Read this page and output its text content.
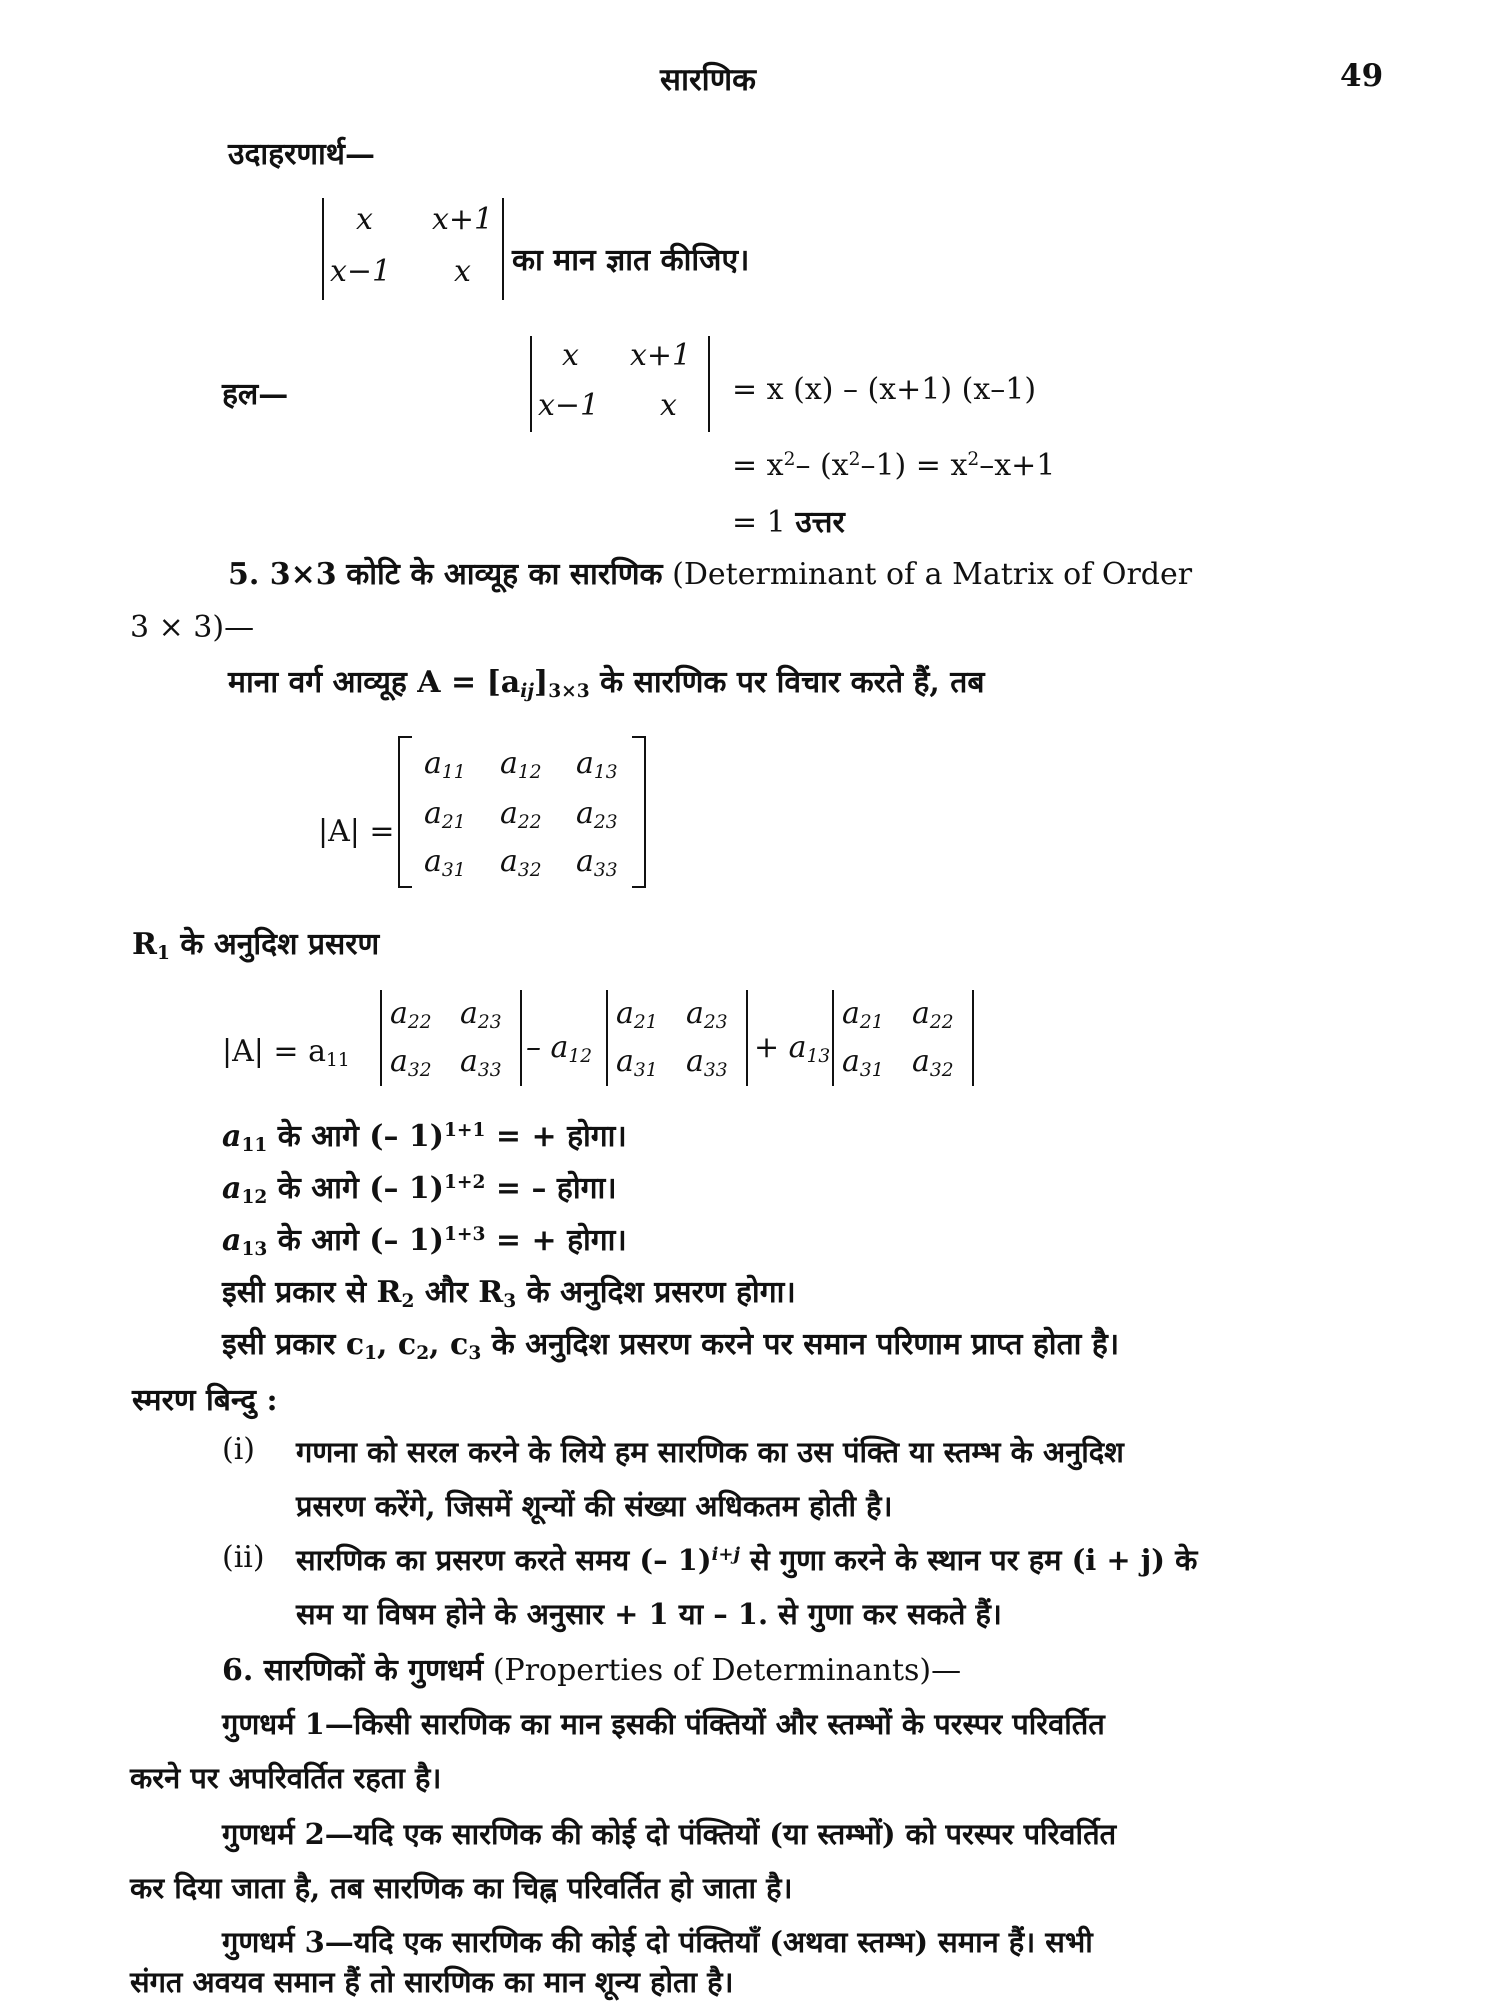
सारणिक	49
उदाहरणार्थ—
x x+1
x−1 x का मान ज्ञात कीजिए।
हल—
x x+1
x−1 x = x (x) – (x+1) (x–1)
= $x^2-$ $(x^2-1) = x^2-x+1$
= 1 उत्तर
5. 3×3 कोटि के आव्यूह का सारणिक (Determinant of a Matrix of Order
3 × 3)—
माना वर्ग आव्यूह $A = [a_{ij}]_{3\times 3}$ के सारणिक पर विचार करते हैं, तब
|A| =
$a_{11}$ $a_{12}$ $a_{13}$
$a_{21}$ $a_{22}$ $a_{23}$
$a_{31}$ $a_{32}$ $a_{33}$
$R_1$ के अनुदिश प्रसरण
$|A| = a_{11}$
$a_{22}$ $a_{23}$
$a_{32}$ $a_{33}$
– $a_{12}$
$a_{21}$ $a_{23}$
$a_{31}$ $a_{33}$
+ $a_{13}$
$a_{21}$ $a_{22}$
$a_{31}$ $a_{32}$
$a_{11}$ के आगे (– 1)$^{1+1}$ = + होगा।
$a_{12}$ के आगे (– 1)$^{1+2}$ = – होगा।
$a_{13}$ के आगे (– 1)$^{1+3}$ = + होगा।
इसी प्रकार से $R_2$ और $R_3$ के अनुदिश प्रसरण होगा।
इसी प्रकार $c_1$, $c_2$, $c_3$ के अनुदिश प्रसरण करने पर समान परिणाम प्राप्त होता है।
स्मरण बिन्दु :
(i) गणना को सरल करने के लिये हम सारणिक का उस पंक्ति या स्तम्भ के अनुदिश
प्रसरण करेंगे, जिसमें शून्यों की संख्या अधिकतम होती है।
(ii) सारणिक का प्रसरण करते समय (– 1)$^{i+j}$ से गुणा करने के स्थान पर हम (i + j) के
सम या विषम होने के अनुसार + 1 या – 1. से गुणा कर सकते हैं।
6. सारणिकों के गुणधर्म (Properties of Determinants)—
गुणधर्म 1—किसी सारणिक का मान इसकी पंक्तियों और स्तम्भों के परस्पर परिवर्तित
करने पर अपरिवर्तित रहता है।
गुणधर्म 2—यदि एक सारणिक की कोई दो पंक्तियों (या स्तम्भों) को परस्पर परिवर्तित
कर दिया जाता है, तब सारणिक का चिह्न परिवर्तित हो जाता है।
गुणधर्म 3—यदि एक सारणिक की कोई दो पंक्तियाँ (अथवा स्तम्भ) समान हैं। सभी
संगत अवयव समान हैं तो सारणिक का मान शून्य होता है।
